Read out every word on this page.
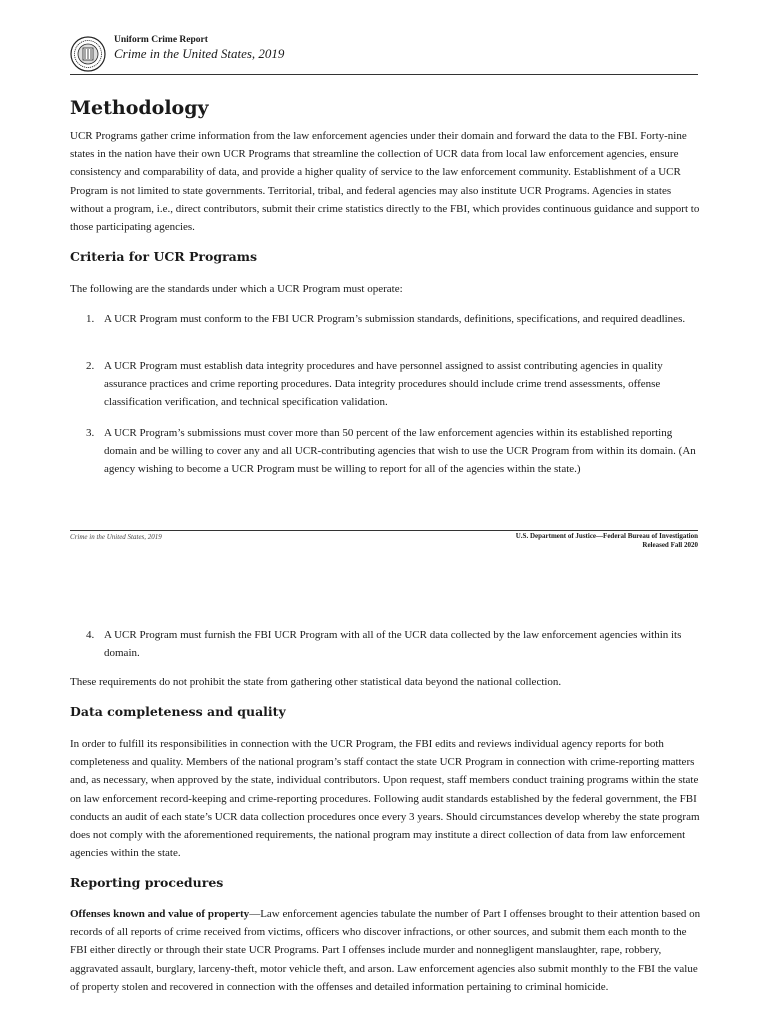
Uniform Crime Report
Crime in the United States, 2019
Methodology
UCR Programs gather crime information from the law enforcement agencies under their domain and forward the data to the FBI. Forty-nine states in the nation have their own UCR Programs that streamline the collection of UCR data from local law enforcement agencies, ensure consistency and comparability of data, and provide a higher quality of service to the law enforcement community. Establishment of a UCR Program is not limited to state governments. Territorial, tribal, and federal agencies may also institute UCR Programs. Agencies in states without a program, i.e., direct contributors, submit their crime statistics directly to the FBI, which provides continuous guidance and support to those participating agencies.
Criteria for UCR Programs
The following are the standards under which a UCR Program must operate:
1. A UCR Program must conform to the FBI UCR Program’s submission standards, definitions, specifications, and required deadlines.
2. A UCR Program must establish data integrity procedures and have personnel assigned to assist contributing agencies in quality assurance practices and crime reporting procedures. Data integrity procedures should include crime trend assessments, offense classification verification, and technical specification validation.
3. A UCR Program’s submissions must cover more than 50 percent of the law enforcement agencies within its established reporting domain and be willing to cover any and all UCR-contributing agencies that wish to use the UCR Program from within its domain. (An agency wishing to become a UCR Program must be willing to report for all of the agencies within the state.)
Crime in the United States, 2019	U.S. Department of Justice—Federal Bureau of Investigation
Released Fall 2020
4. A UCR Program must furnish the FBI UCR Program with all of the UCR data collected by the law enforcement agencies within its domain.
These requirements do not prohibit the state from gathering other statistical data beyond the national collection.
Data completeness and quality
In order to fulfill its responsibilities in connection with the UCR Program, the FBI edits and reviews individual agency reports for both completeness and quality. Members of the national program’s staff contact the state UCR Program in connection with crime-reporting matters and, as necessary, when approved by the state, individual contributors. Upon request, staff members conduct training programs within the state on law enforcement record-keeping and crime-reporting procedures. Following audit standards established by the federal government, the FBI conducts an audit of each state’s UCR data collection procedures once every 3 years. Should circumstances develop whereby the state program does not comply with the aforementioned requirements, the national program may institute a direct collection of data from law enforcement agencies within the state.
Reporting procedures
Offenses known and value of property—Law enforcement agencies tabulate the number of Part I offenses brought to their attention based on records of all reports of crime received from victims, officers who discover infractions, or other sources, and submit them each month to the FBI either directly or through their state UCR Programs. Part I offenses include murder and nonnegligent manslaughter, rape, robbery, aggravated assault, burglary, larceny-theft, motor vehicle theft, and arson. Law enforcement agencies also submit monthly to the FBI the value of property stolen and recovered in connection with the offenses and detailed information pertaining to criminal homicide.
